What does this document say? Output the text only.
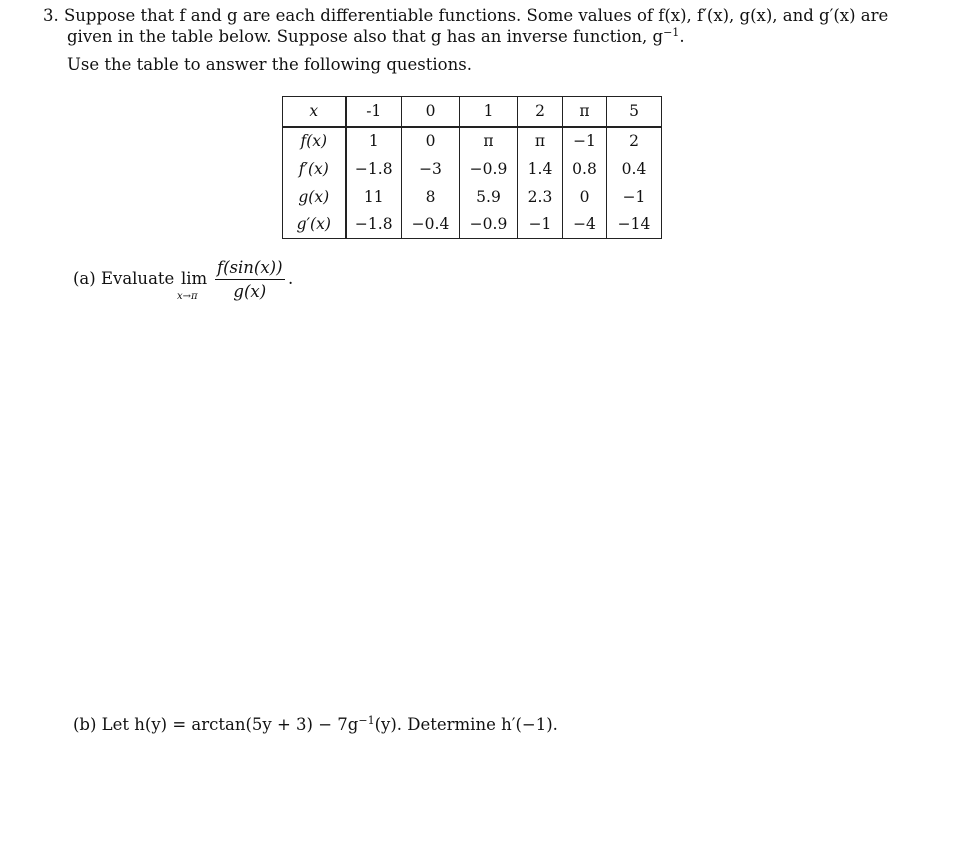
3. Suppose that f and g are each differentiable functions. Some values of f(x), f′(x), g(x), and g′(x) are
given in the table below. Suppose also that g has an inverse function, $g^{-1}$.
Use the table to answer the following questions.
x	-1	0	1	2	π	5
f(x)	1	0	π	π	−1	2
f′(x)	−1.8	−3	−0.9	1.4	0.8	0.4
g(x)	11	8	5.9	2.3	0	−1
g′(x)	−1.8	−0.4	−0.9	−1	−4	−14
(a) Evaluate lim
$x\to\pi \frac{f(\sin(x))}{g(x)}$ .
(b) Let $h(y) = \arctan(5y + 3) - 7g^{-1}(y)$. Determine h′(−1).
